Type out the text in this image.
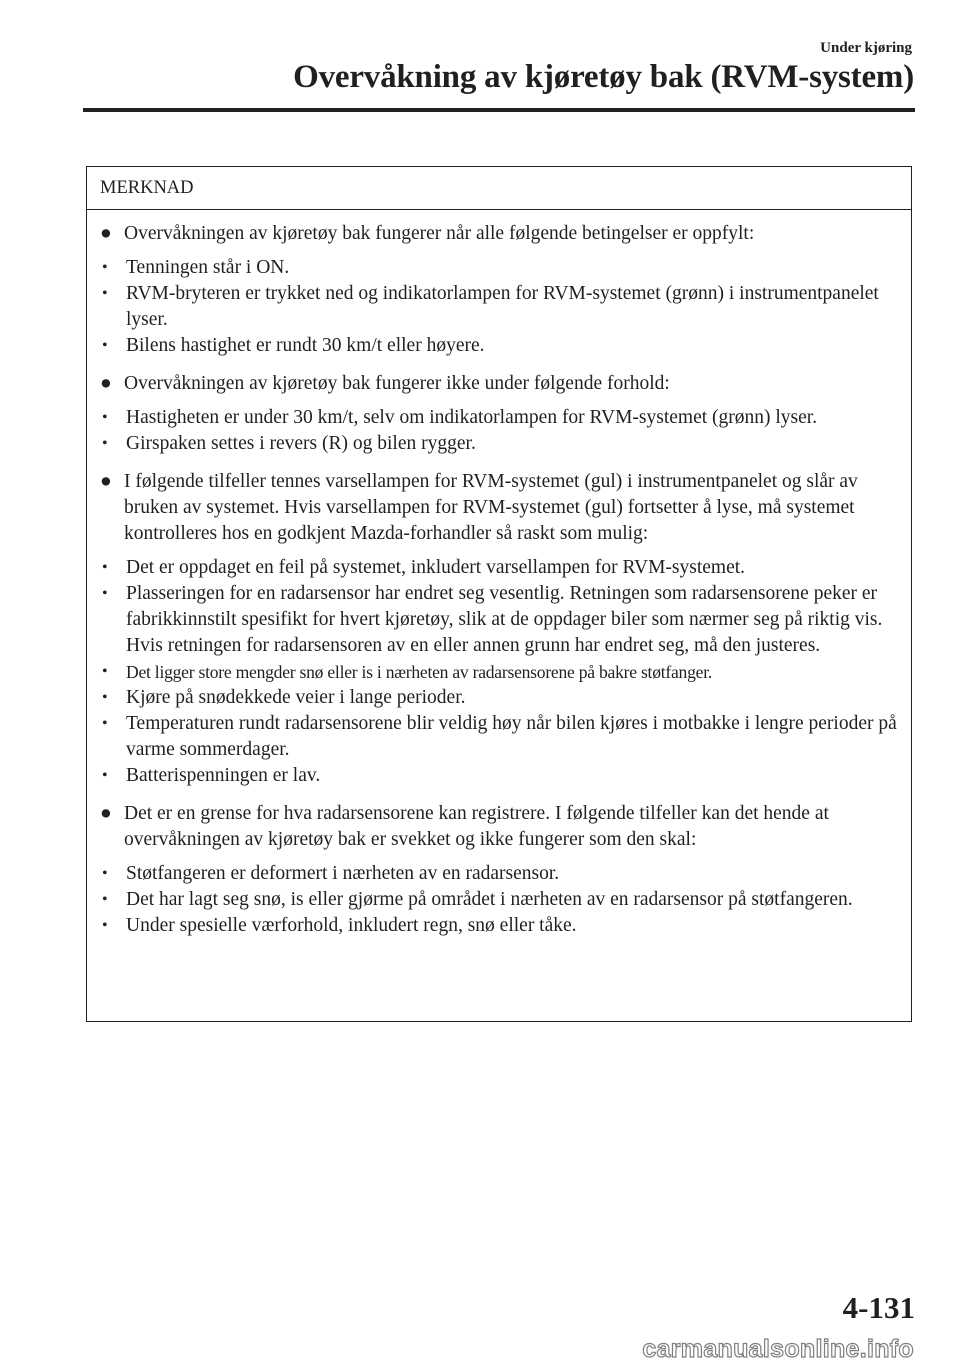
Under kjøring
Overvåkning av kjøretøy bak (RVM-system)
MERKNAD
● Overvåkningen av kjøretøy bak fungerer når alle følgende betingelser er oppfylt:
• Tenningen står i ON.
• RVM-bryteren er trykket ned og indikatorlampen for RVM-systemet (grønn) i instrumentpanelet lyser.
• Bilens hastighet er rundt 30 km/t eller høyere.
● Overvåkningen av kjøretøy bak fungerer ikke under følgende forhold:
• Hastigheten er under 30 km/t, selv om indikatorlampen for RVM-systemet (grønn) lyser.
• Girspaken settes i revers (R) og bilen rygger.
● I følgende tilfeller tennes varsellampen for RVM-systemet (gul) i instrumentpanelet og slår av bruken av systemet. Hvis varsellampen for RVM-systemet (gul) fortsetter å lyse, må systemet kontrolleres hos en godkjent Mazda-forhandler så raskt som mulig:
• Det er oppdaget en feil på systemet, inkludert varsellampen for RVM-systemet.
• Plasseringen for en radarsensor har endret seg vesentlig. Retningen som radarsensorene peker er fabrikkinnstilt spesifikt for hvert kjøretøy, slik at de oppdager biler som nærmer seg på riktig vis. Hvis retningen for radarsensoren av en eller annen grunn har endret seg, må den justeres.
• Det ligger store mengder snø eller is i nærheten av radarsensorene på bakre støtfanger.
• Kjøre på snødekkede veier i lange perioder.
• Temperaturen rundt radarsensorene blir veldig høy når bilen kjøres i motbakke i lengre perioder på varme sommerdager.
• Batterispenningen er lav.
● Det er en grense for hva radarsensorene kan registrere. I følgende tilfeller kan det hende at overvåkningen av kjøretøy bak er svekket og ikke fungerer som den skal:
• Støtfangeren er deformert i nærheten av en radarsensor.
• Det har lagt seg snø, is eller gjørme på området i nærheten av en radarsensor på støtfangeren.
• Under spesielle værforhold, inkludert regn, snø eller tåke.
4-131
carmanualsonline.info
